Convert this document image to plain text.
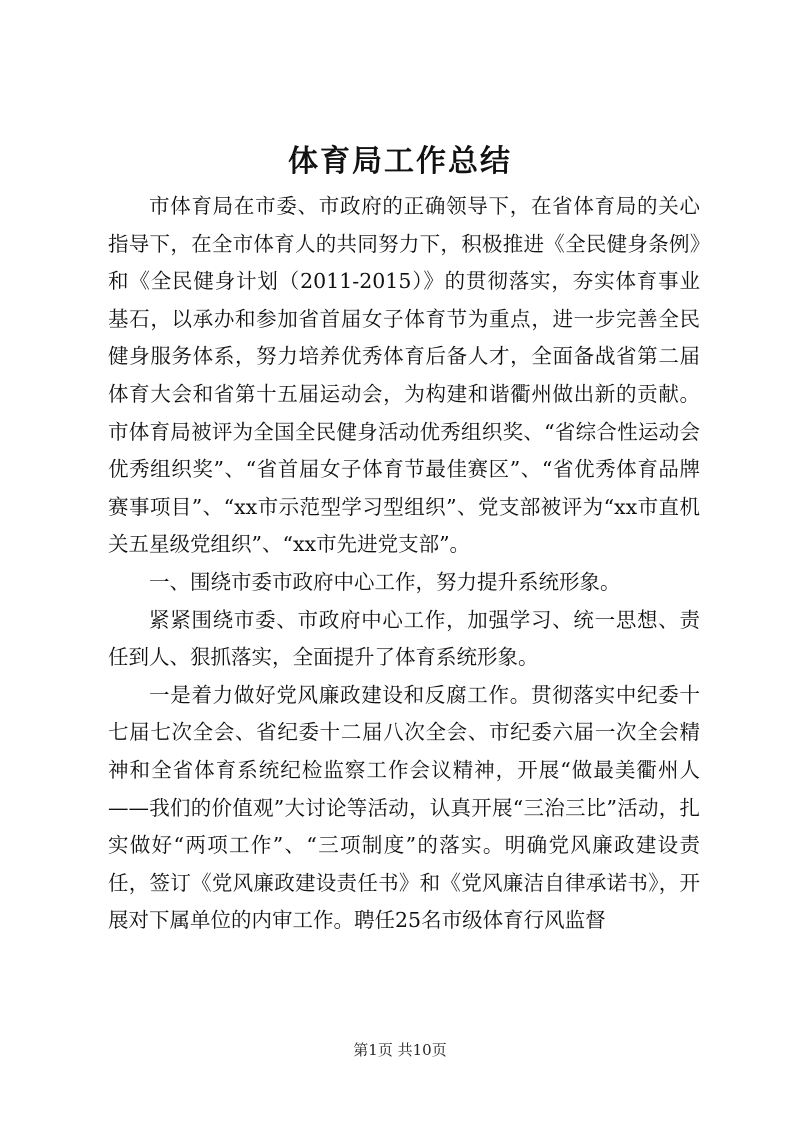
体育局工作总结

市体育局在市委、市政府的正确领导下，在省体育局的关心指导下，在全市体育人的共同努力下，积极推进《全民健身条例》和《全民健身计划（2011-2015）》的贯彻落实，夯实体育事业基石，以承办和参加省首届女子体育节为重点，进一步完善全民健身服务体系，努力培养优秀体育后备人才，全面备战省第二届体育大会和省第十五届运动会，为构建和谐衢州做出新的贡献。市体育局被评为全国全民健身活动优秀组织奖、“省综合性运动会优秀组织奖”、“省首届女子体育节最佳赛区”、“省优秀体育品牌赛事项目”、“xx市示范型学习型组织”、党支部被评为“xx市直机关五星级党组织”、“xx市先进党支部”。

一、围绕市委市政府中心工作，努力提升系统形象。

紧紧围绕市委、市政府中心工作，加强学习、统一思想、责任到人、狠抓落实，全面提升了体育系统形象。

一是着力做好党风廉政建设和反腐工作。贯彻落实中纪委十七届七次全会、省纪委十二届八次全会、市纪委六届一次全会精神和全省体育系统纪检监察工作会议精神，开展“做最美衢州人——我们的价值观”大讨论等活动，认真开展“三治三比”活动，扎实做好“两项工作”、“三项制度”的落实。明确党风廉政建设责任，签订《党风廉政建设责任书》和《党风廉洁自律承诺书》，开展对下属单位的内审工作。聘任25名市级体育行风监督

第1页 共10页
